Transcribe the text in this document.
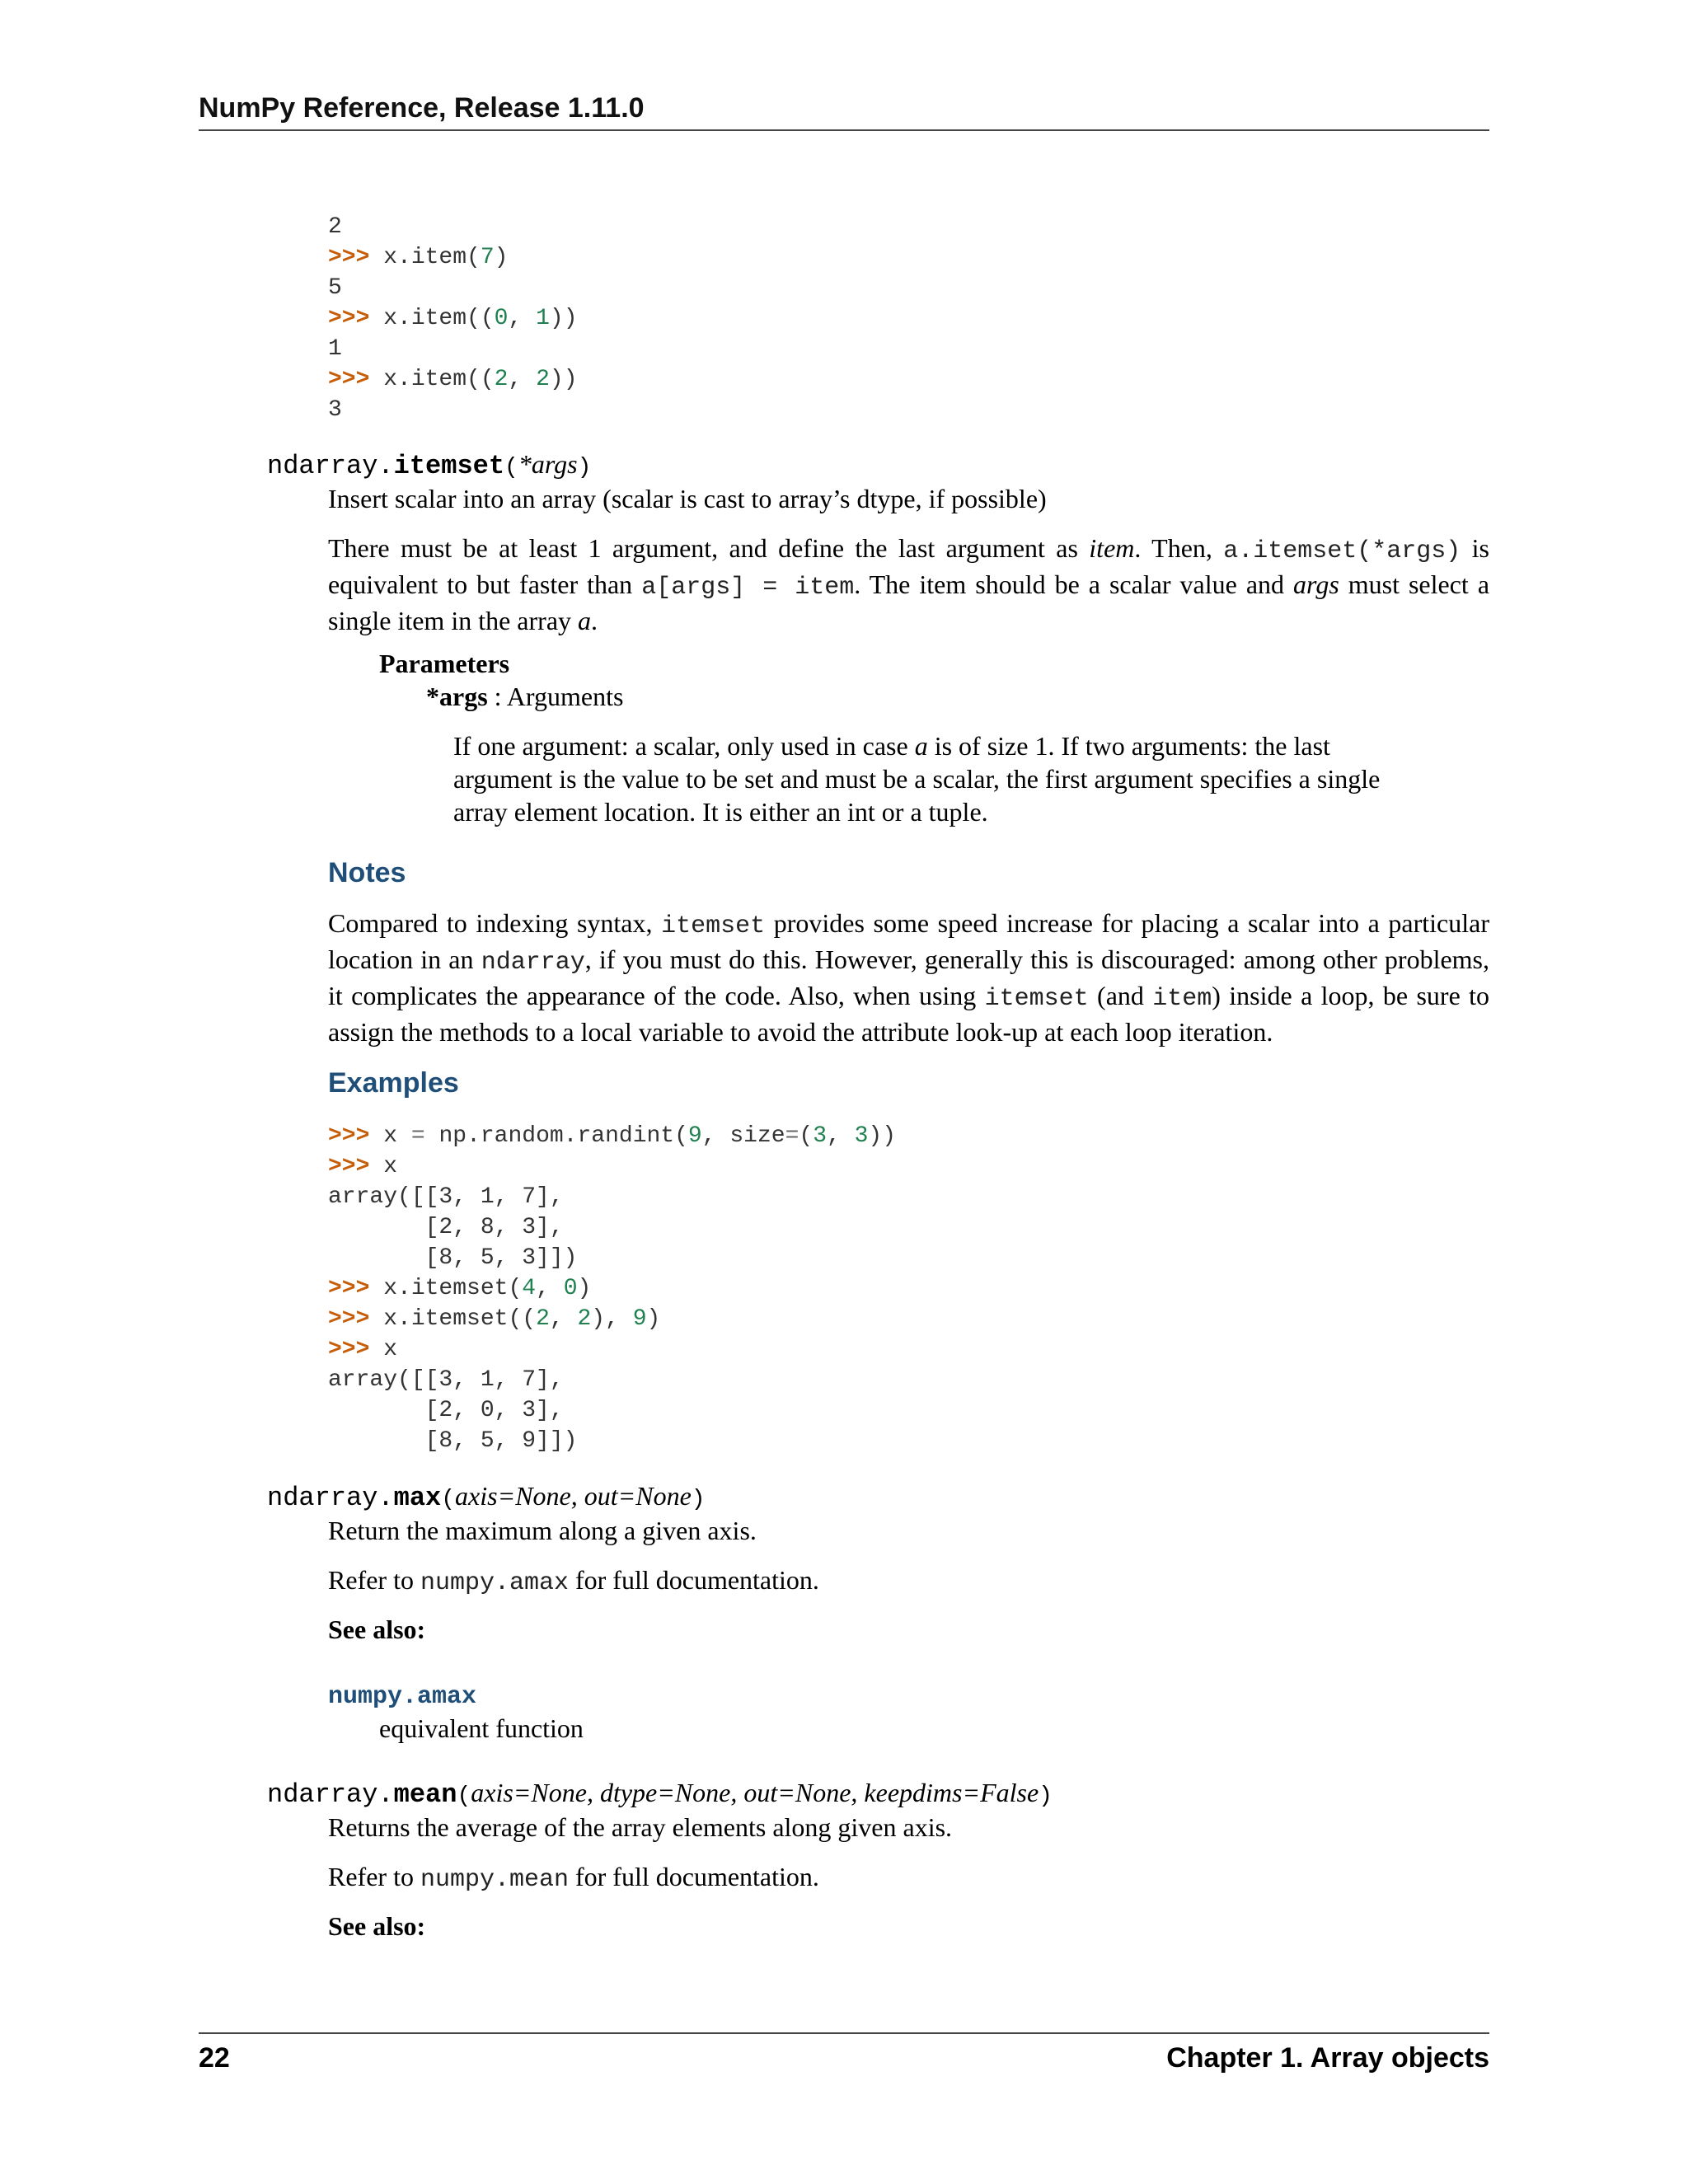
NumPy Reference, Release 1.11.0
2
>>> x.item(7)
5
>>> x.item((0, 1))
1
>>> x.item((2, 2))
3
ndarray.itemset(*args)
Insert scalar into an array (scalar is cast to array’s dtype, if possible)
There must be at least 1 argument, and define the last argument as item. Then, a.itemset(*args) is equivalent to but faster than a[args] = item. The item should be a scalar value and args must select a single item in the array a.
Parameters
*args : Arguments
If one argument: a scalar, only used in case a is of size 1. If two arguments: the last argument is the value to be set and must be a scalar, the first argument specifies a single array element location. It is either an int or a tuple.
Notes
Compared to indexing syntax, itemset provides some speed increase for placing a scalar into a particular location in an ndarray, if you must do this. However, generally this is discouraged: among other problems, it complicates the appearance of the code. Also, when using itemset (and item) inside a loop, be sure to assign the methods to a local variable to avoid the attribute look-up at each loop iteration.
Examples
>>> x = np.random.randint(9, size=(3, 3))
>>> x
array([[3, 1, 7],
[2, 8, 3],
[8, 5, 3]])
>>> x.itemset(4, 0)
>>> x.itemset((2, 2), 9)
>>> x
array([[3, 1, 7],
[2, 0, 3],
[8, 5, 9]])
ndarray.max(axis=None, out=None)
Return the maximum along a given axis.
Refer to numpy.amax for full documentation.
See also:
numpy.amax
equivalent function
ndarray.mean(axis=None, dtype=None, out=None, keepdims=False)
Returns the average of the array elements along given axis.
Refer to numpy.mean for full documentation.
See also:
22	Chapter 1. Array objects
